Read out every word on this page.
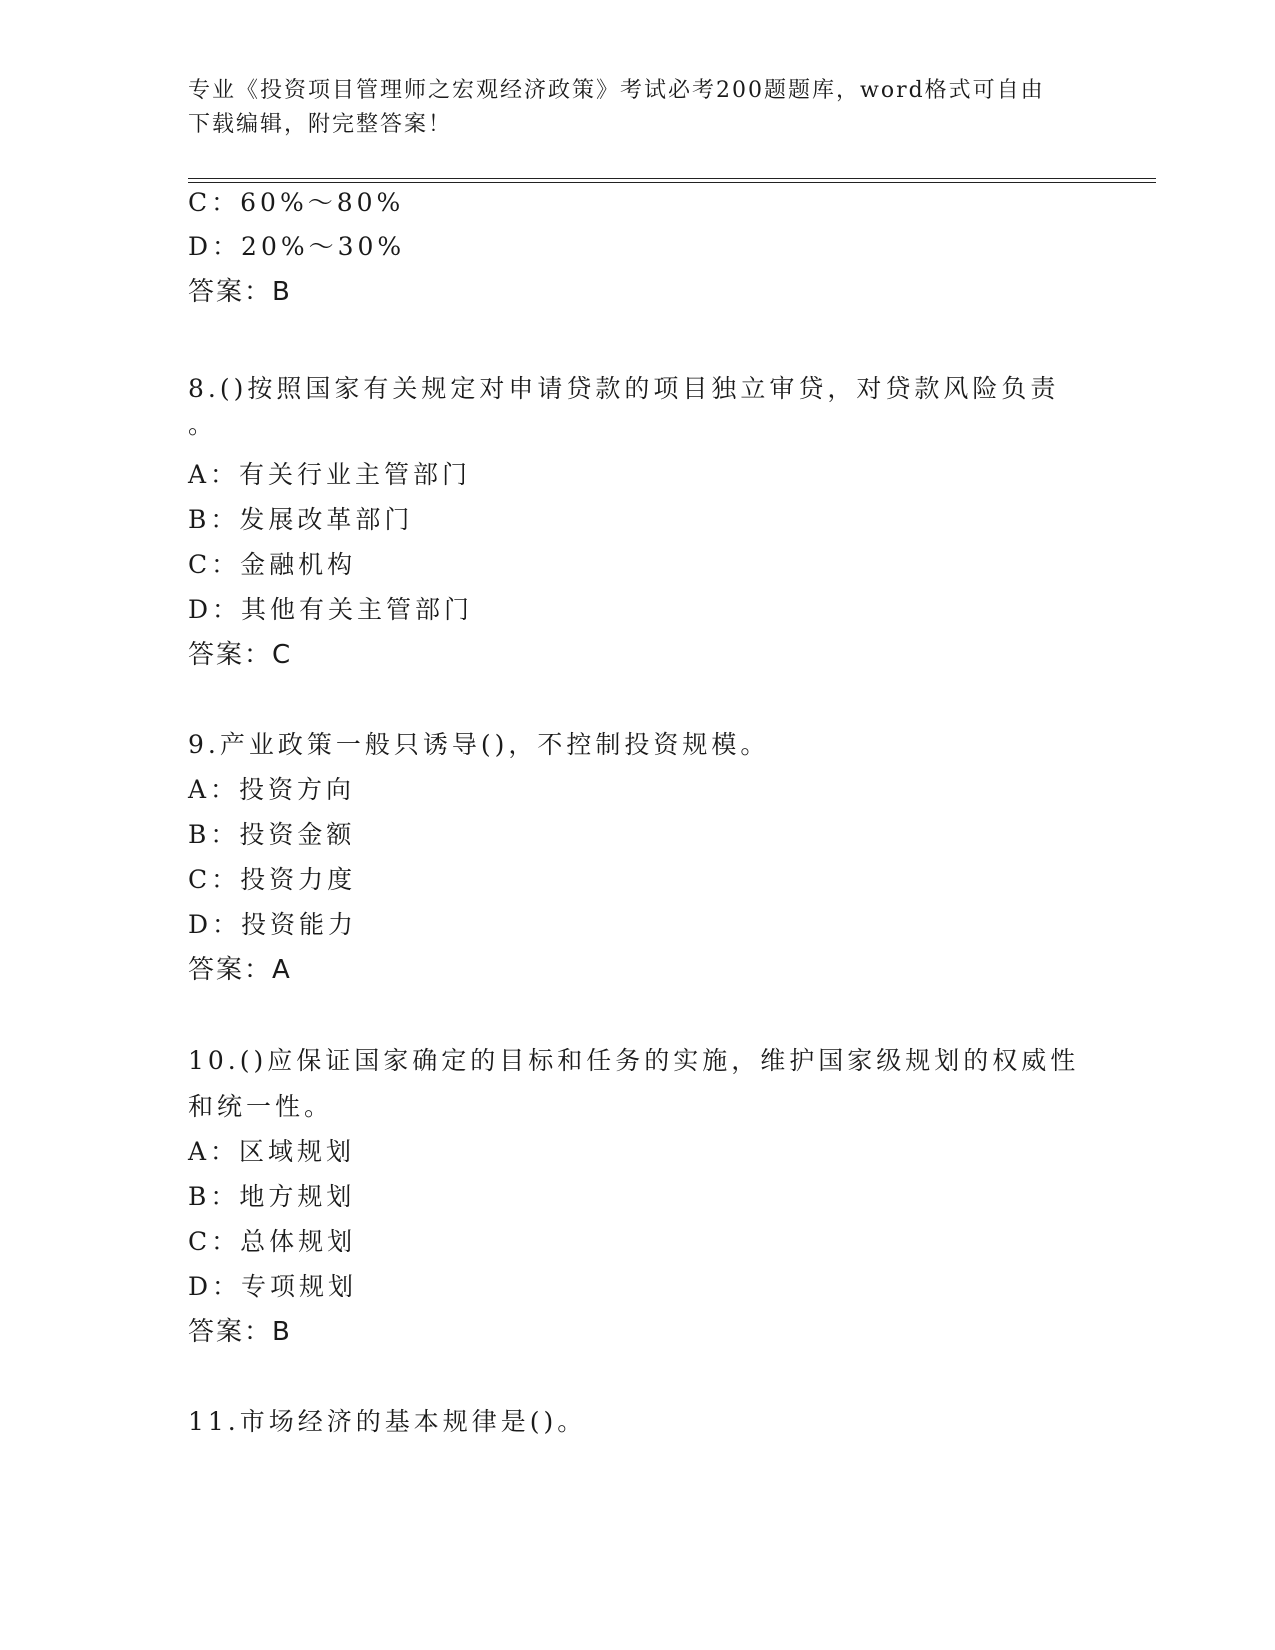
专业《投资项目管理师之宏观经济政策》考试必考200题题库，word格式可自由
下载编辑，附完整答案！
C：60%～80%
D：20%～30%
答案：B
8.()按照国家有关规定对申请贷款的项目独立审贷，对贷款风险负责
。
A：有关行业主管部门
B：发展改革部门
C：金融机构
D：其他有关主管部门
答案：C
9.产业政策一般只诱导()，不控制投资规模。
A：投资方向
B：投资金额
C：投资力度
D：投资能力
答案：A
10.()应保证国家确定的目标和任务的实施，维护国家级规划的权威性
和统一性。
A：区域规划
B：地方规划
C：总体规划
D：专项规划
答案：B
11.市场经济的基本规律是()。
